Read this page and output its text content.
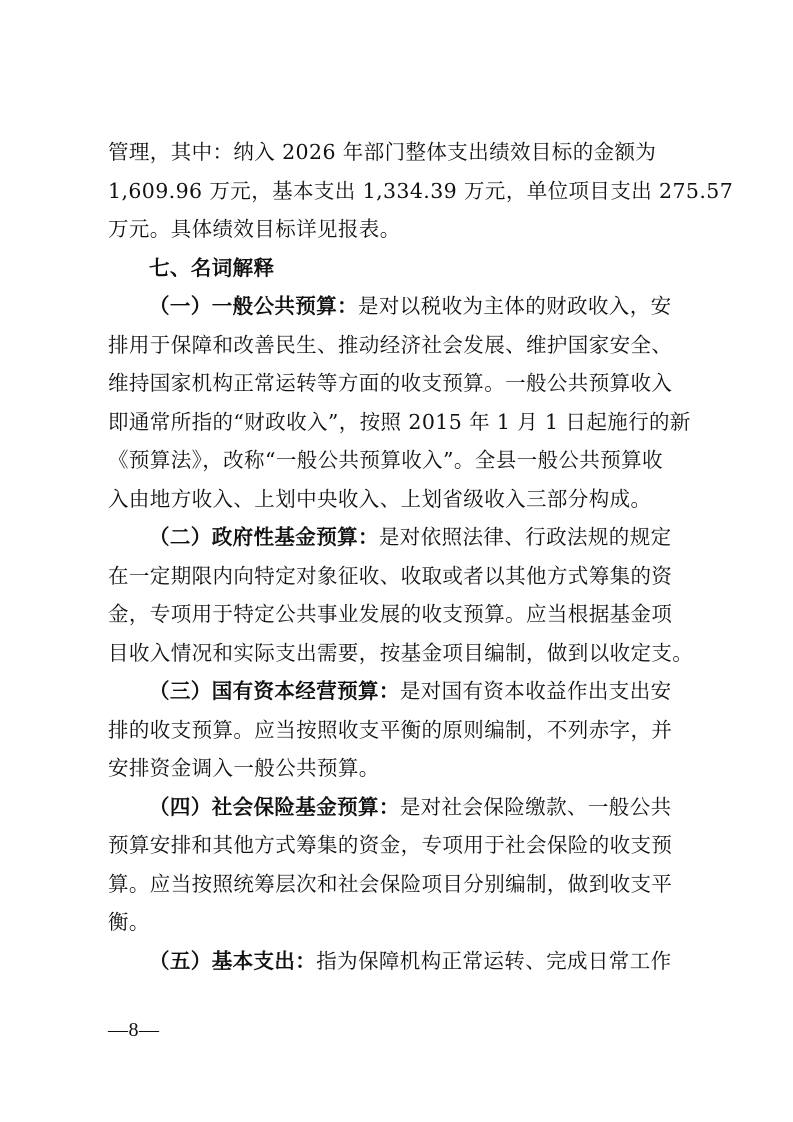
管理，其中：纳入 2026 年部门整体支出绩效目标的金额为
1,609.96 万元，基本支出 1,334.39 万元，单位项目支出 275.57
万元。具体绩效目标详见报表。
七、名词解释
（一）一般公共预算：是对以税收为主体的财政收入，安
排用于保障和改善民生、推动经济社会发展、维护国家安全、
维持国家机构正常运转等方面的收支预算。一般公共预算收入
即通常所指的“财政收入”，按照 2015 年 1 月 1 日起施行的新
《预算法》，改称“一般公共预算收入”。全县一般公共预算收
入由地方收入、上划中央收入、上划省级收入三部分构成。
（二）政府性基金预算：是对依照法律、行政法规的规定
在一定期限内向特定对象征收、收取或者以其他方式筹集的资
金，专项用于特定公共事业发展的收支预算。应当根据基金项
目收入情况和实际支出需要，按基金项目编制，做到以收定支。
（三）国有资本经营预算：是对国有资本收益作出支出安
排的收支预算。应当按照收支平衡的原则编制，不列赤字，并
安排资金调入一般公共预算。
（四）社会保险基金预算：是对社会保险缴款、一般公共
预算安排和其他方式筹集的资金，专项用于社会保险的收支预
算。应当按照统筹层次和社会保险项目分别编制，做到收支平
衡。
（五）基本支出：指为保障机构正常运转、完成日常工作
—8—
